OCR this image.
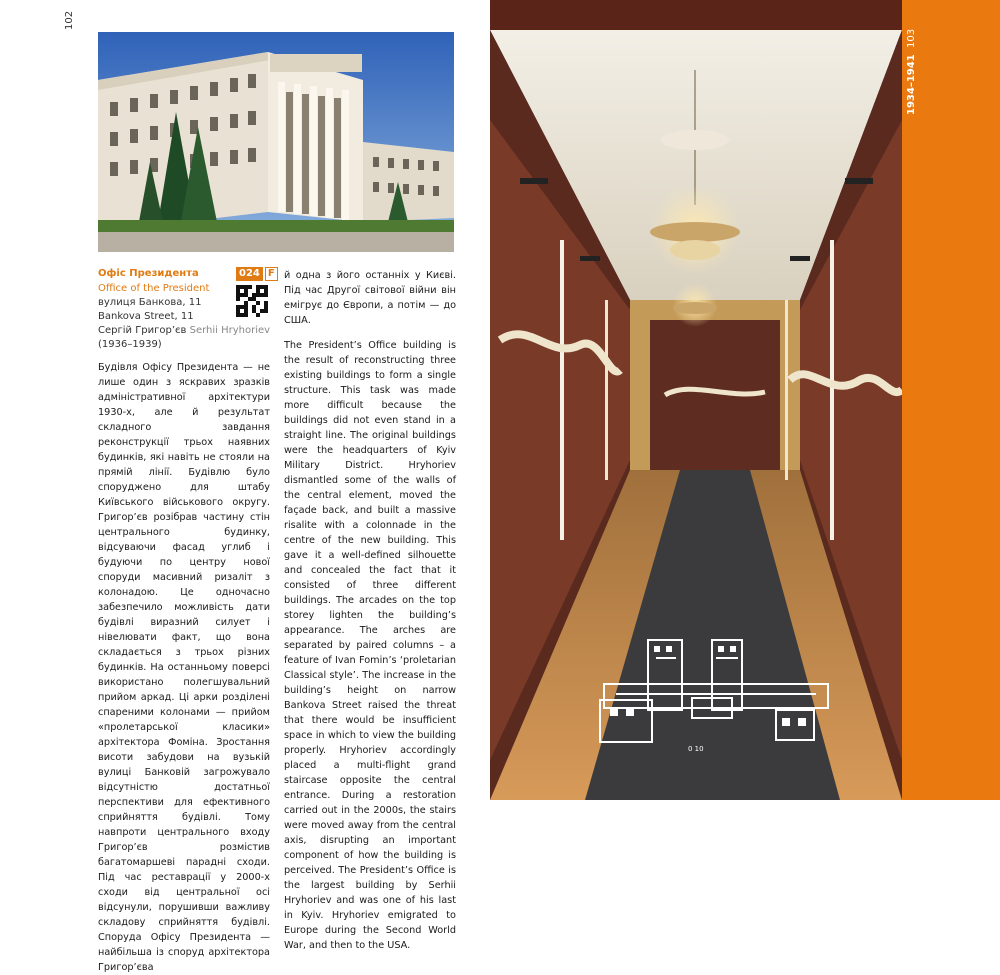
102
Офіс Президента
Office of the President
вулиця Банкова, 11
Bankova Street, 11
Сергій Григор’єв Serhii Hryhoriev
(1936–1939)
024 F

Будівля Офісу Президента — не лише один з яскравих зразків адміністративної архітектури 1930-х, але й результат складного завдання реконструкції трьох наявних будинків, які навіть не стояли на прямій лінії. Будівлю було споруджено для штабу Київського військового округу. Григор’єв розібрав частину стін центрального будинку, відсуваючи фасад углиб і будуючи по центру нової споруди масивний ризаліт з колонадою. Це одночасно забезпечило можливість дати будівлі виразний силует і нівелювати факт, що вона складається з трьох різних будинків. На останньому поверсі використано полегшувальний прийом аркад. Ці арки розділені спареними колонами — прийом «пролетарської класики» архітектора Фоміна. Зростання висоти забудови на вузькій вулиці Банковій загрожувало відсутністю достатньої перспективи для ефективного сприйняття будівлі. Тому навпроти центрального входу Григор’єв розмістив багатомаршеві парадні сходи. Під час реставрації у 2000-х сходи від центральної осі відсунули, порушивши важливу складову сприйняття будівлі. Споруда Офісу Президента — найбільша із споруд архітектора Григор’єва

й одна з його останніх у Києві. Під час Другої світової війни він емігрує до Європи, а потім — до США.

The President’s Office building is the result of reconstructing three existing buildings to form a single structure. This task was made more difficult because the buildings did not even stand in a straight line. The original buildings were the headquarters of Kyiv Military District. Hryhoriev dismantled some of the walls of the central element, moved the façade back, and built a massive risalite with a colonnade in the centre of the new building. This gave it a well-defined silhouette and concealed the fact that it consisted of three different buildings. The arcades on the top storey lighten the building’s appearance. The arches are separated by paired columns – a feature of Ivan Fomin’s ‘proletarian Classical style’. The increase in the building’s height on narrow Bankova Street raised the threat that there would be insufficient space in which to view the building properly. Hryhoriev accordingly placed a multi-flight grand staircase opposite the central entrance. During a restoration carried out in the 2000s, the stairs were moved away from the central axis, disrupting an important component of how the building is perceived. The President’s Office is the largest building by Serhii Hryhoriev and was one of his last in Kyiv. Hryhoriev emigrated to Europe during the Second World War, and then to the USA.

0 10
103
1934–1941
